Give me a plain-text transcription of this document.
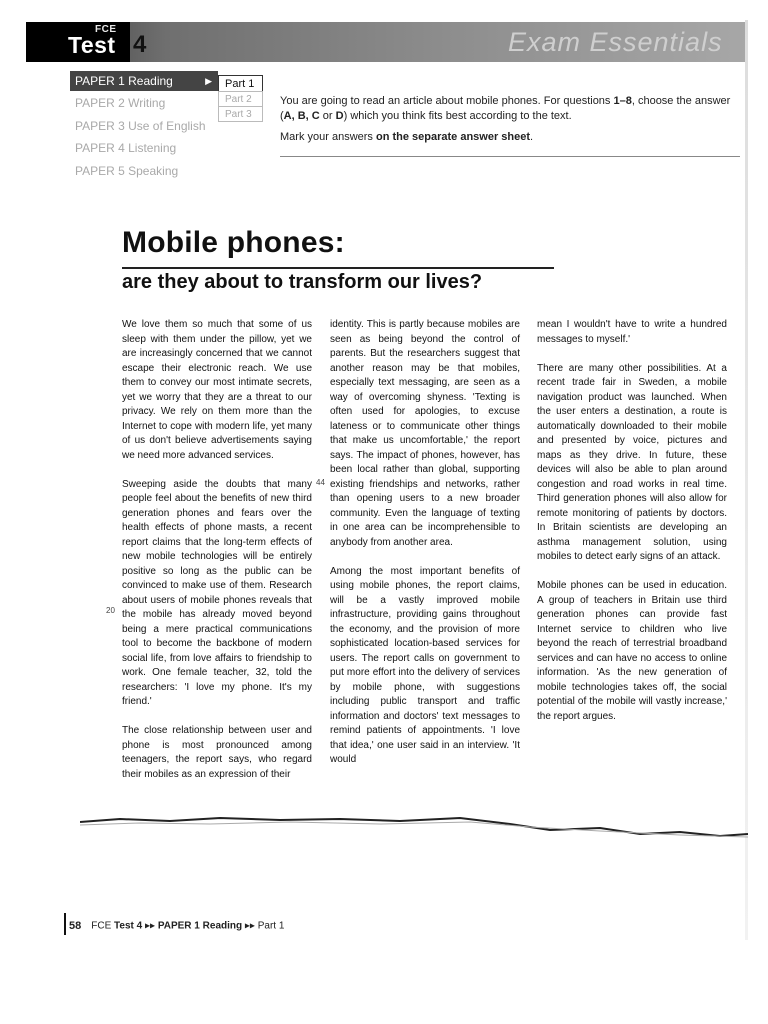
FCE
Test 4	Exam Essentials
PAPER 1 Reading	▶
PAPER 2 Writing
PAPER 3 Use of English
PAPER 4 Listening
PAPER 5 Speaking
Part 1
Part 2
Part 3

You are going to read an article about mobile phones. For questions 1–8, choose the answer (A, B, C or D) which you think fits best according to the text.

Mark your answers on the separate answer sheet.

Mobile phones:
are they about to transform our lives?

We love them so much that some of us sleep with them under the pillow, yet we are increasingly concerned that we cannot escape their electronic reach. We use them to convey our most intimate secrets, yet we worry that they are a threat to our privacy. We rely on them more than the Internet to cope with modern life, yet many of us don't believe advertisements saying we need more advanced services.

Sweeping aside the doubts that many people feel about the benefits of new third generation phones and fears over the health effects of phone masts, a recent report claims that the long-term effects of new mobile technologies will be entirely positive so long as the public can be convinced to make use of them. Research about users of mobile phones reveals that the mobile has already moved beyond being a mere practical communications tool to become the backbone of modern social life, from love affairs to friendship to work. One female teacher, 32, told the researchers: 'I love my phone. It's my friend.'

The close relationship between user and phone is most pronounced among teenagers, the report says, who regard their mobiles as an expression of their

20

identity. This is partly because mobiles are seen as being beyond the control of parents. But the researchers suggest that another reason may be that mobiles, especially text messaging, are seen as a way of overcoming shyness. 'Texting is often used for apologies, to excuse lateness or to communicate other things that make us uncomfortable,' the report says. The impact of phones, however, has been local rather than global, supporting existing friendships and networks, rather than opening users to a new broader community. Even the language of texting in one area can be incomprehensible to anybody from another area.

Among the most important benefits of using mobile phones, the report claims, will be a vastly improved mobile infrastructure, providing gains throughout the economy, and the provision of more sophisticated location-based services for users. The report calls on government to put more effort into the delivery of services by mobile phone, with suggestions including public transport and traffic information and doctors' text messages to remind patients of appointments. 'I love that idea,' one user said in an interview. 'It would

44

mean I wouldn't have to write a hundred messages to myself.'

There are many other possibilities. At a recent trade fair in Sweden, a mobile navigation product was launched. When the user enters a destination, a route is automatically downloaded to their mobile and presented by voice, pictures and maps as they drive. In future, these devices will also be able to plan around congestion and road works in real time. Third generation phones will also allow for remote monitoring of patients by doctors. In Britain scientists are developing an asthma management solution, using mobiles to detect early signs of an attack.

Mobile phones can be used in education. A group of teachers in Britain use third generation phones can provide fast Internet service to children who live beyond the reach of terrestrial broadband services and can have no access to online information. 'As the new generation of mobile technologies takes off, the social potential of the mobile will vastly increase,' the report argues.

58 FCE Test 4 ▸▸ PAPER 1 Reading ▸▸ Part 1
